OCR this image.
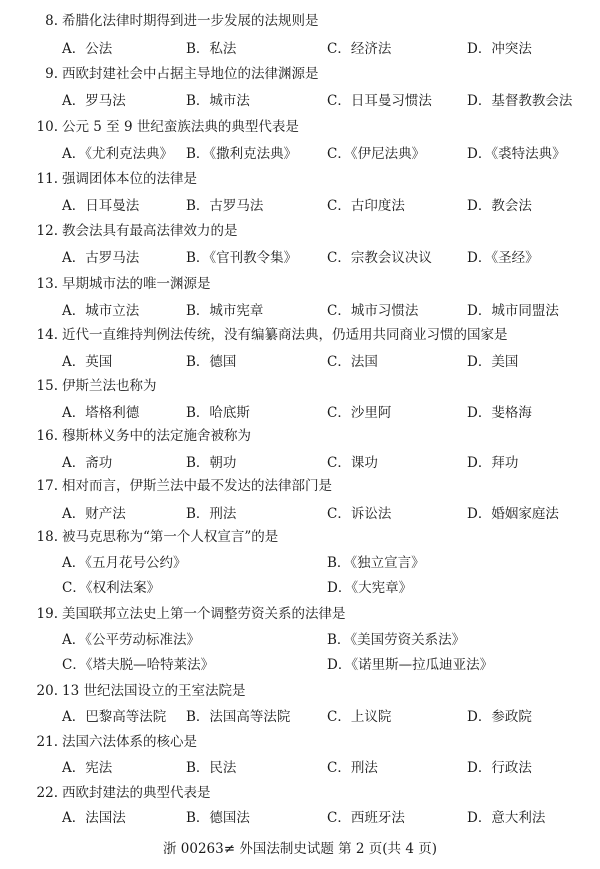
8. 希腊化法律时期得到进一步发展的法规则是
A．公法	B．私法	C．经济法	D．冲突法
9. 西欧封建社会中占据主导地位的法律渊源是
A．罗马法	B．城市法	C．日耳曼习惯法	D．基督教教会法
10. 公元 5 至 9 世纪蛮族法典的典型代表是
A．《尤利克法典》 B．《撒利克法典》 C．《伊尼法典》	D．《裘特法典》
11. 强调团体本位的法律是
A．日耳曼法	B．古罗马法	C．古印度法	D．教会法
12. 教会法具有最高法律效力的是
A．古罗马法	B．《官刊教令集》 C．宗教会议决议	D．《圣经》
13. 早期城市法的唯一渊源是
A．城市立法	B．城市宪章	C．城市习惯法	D．城市同盟法
14. 近代一直维持判例法传统，没有编纂商法典，仍适用共同商业习惯的国家是
A．英国	B．德国	C．法国	D．美国
15. 伊斯兰法也称为
A．塔格利德	B．哈底斯	C．沙里阿	D．斐格海
16. 穆斯林义务中的法定施舍被称为
A．斋功	B．朝功	C．课功	D．拜功
17. 相对而言，伊斯兰法中最不发达的法律部门是
A．财产法	B．刑法	C．诉讼法	D．婚姻家庭法
18. 被马克思称为“第一个人权宣言”的是
A．《五月花号公约》	B．《独立宣言》
C．《权利法案》	D．《大宪章》
19. 美国联邦立法史上第一个调整劳资关系的法律是
A．《公平劳动标准法》	B．《美国劳资关系法》
C．《塔夫脱—哈特莱法》	D．《诺里斯—拉瓜迪亚法》
20. 13 世纪法国设立的王室法院是
A．巴黎高等法院 B．法国高等法院	C．上议院	D．参政院
21. 法国六法体系的核心是
A．宪法	B．民法	C．刑法	D．行政法
22. 西欧封建法的典型代表是
A．法国法	B．德国法	C．西班牙法	D．意大利法
浙 00263≠ 外国法制史试题 第 2 页(共 4 页)
